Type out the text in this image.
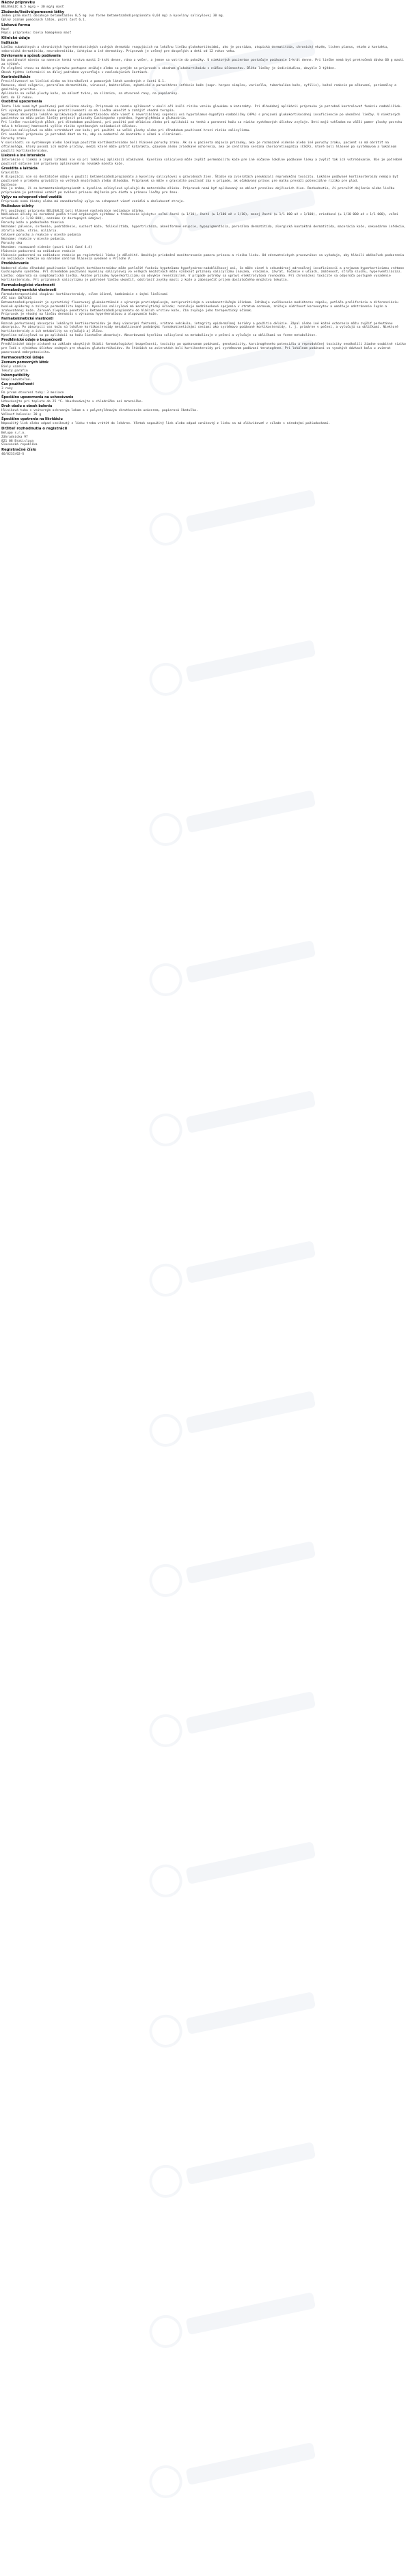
Názov prípravku
BELOSALIC 0,5 mg/g + 30 mg/g masť
Zloženie/liečivá/pomocné látky
Jeden gram masti obsahuje betametazónu 0,5 mg (vo forme betametazóndipropionátu 0,64 mg) a kyseliny salicylovej 30 mg.
Úplný zoznam pomocných látok, pozri časť 6.1.
Lieková forma
Masť
Popis prípravku: biela homogénna masť
Klinické údaje
Indikácie
Liečba subakútnych a chronických hyperkeratotických suchých dermatóz reagujúcich na lokálnu liečbu glukokortikoidmi, ako je psoriáza, atopická dermatitída, chronický ekzém, lichen planus, ekzém z kontaktu, seboroická dermatitída, neurodermitída, ichtyóza a iné dermatózy. Prípravok je určený pre dospelých a deti od 12 rokov veku.
Dávkovanie a spôsob podávania
Na postihnuté miesto sa nanesie tenká vrstva masti 2-krát denne, ráno a večer, a jemne sa votrie do pokožky. U niektorých pacientov postačuje podávanie 1-krát denne. Pri liečbe nemá byť prekročená dávka 60 g masti za týždeň.
Po zlepšení stavu sa dávka prípravku postupne znižuje alebo sa prejde na prípravok s obsahom glukokortikoidu s nižšou účinnosťou. Dĺžka liečby je individuálna, obvykle 3 týždne.
Obsah týchto informácií sa ďalej podrobne vysvetľuje v nasledujúcich častiach.
Kontraindikácie
Precitlivenosť na liečivá alebo na ktorúkoľvek z pomocných látok uvedených v časti 6.1.
Rozacea, akné vulgaris, perorálna dermatitída, vírusové, bakteriálne, mykotické a parazitárne infekcie kože (napr. herpes simplex, varicella, tuberkulóza kože, syfilis), kožné reakcie po očkovaní, perianálny a genitálny pruritus.
Aplikácia na veľké plochy kože, na oblasť tváre, na sliznice, na otvorené rany, na popáleniny.
Deti do 12 rokov.
Osobitné upozornenia
Tento liek nemá byť používaný pod oklúzne obväzy. Prípravok sa nesmie aplikovať v okolí očí kvôli riziku vzniku glaukómu a katarakty. Pri dlhodobej aplikácii prípravku je potrebné kontrolovať funkciu nadobličiek. Pri výskyte podráždenia alebo precitlivenosti sa má liečba ukončiť a zahájiť vhodná terapia.
Systémová absorpcia lokálne aplikovaných glukokortikoidov môže viesť k reverzibilnej supresii osi hypotalamus-hypofýza-nadobličky (HPA) s prejavmi glukokortikoidnej insuficiencie po ukončení liečby. U niektorých pacientov sa môžu počas liečby prejaviť príznaky Cushingovho syndrómu, hyperglykémia a glukozúria.
Pri liečbe rozsiahlych plôch, pri dlhodobom používaní, pri použití pod oklúziou alebo pri aplikácii na tenkú a poranenú kožu sa riziko systémových účinkov zvyšuje. Deti majú vzhľadom na väčší pomer plochy povrchu tela k telesnej hmotnosti vyššie riziko systémových nežiaducich účinkov.
Kyselina salicylová sa môže vstrebávať cez kožu; pri použití na veľké plochy alebo pri dlhodobom používaní hrozí riziko salicylizmu.
Pri nanášaní prípravku je potrebné dbať na to, aby sa nedostal do kontaktu s očami a sliznicami.
Poruchy zraku
V súvislosti so systémovým alebo lokálnym použitím kortikosteroidov boli hlásené poruchy zraku. Ak sa u pacienta objavia príznaky, ako je rozmazané videnie alebo iné poruchy zraku, pacient sa má obrátiť na oftalmológa, ktorý posúdi ich možné príčiny, medzi ktoré môže patriť katarakta, glaukóm alebo zriedkavé ochorenia, ako je centrálna serózna chorioretinopatia (CSCR), ktoré boli hlásené po systémovom a lokálnom použití kortikosteroidov.
Liekové a iné interakcie
Interakcie s liekmi a inými látkami nie sú pri lokálnej aplikácii očakávané. Kyselina salicylová môže zvýšiť permeabilitu kože pre iné súčasne lokálne podávané lieky a zvýšiť tak ich vstrebávanie. Nie je potrebné používať súčasne iné prípravky aplikované na rovnaké miesto kože.
Gravidita a laktácia
Gravidita
K dispozícii nie sú dostatočné údaje o použití betametazóndipropionátu a kyseliny salicylovej u gravidných žien. Štúdie na zvieratách preukázali reprodukčnú toxicitu. Lokálne podávané kortikosteroidy nemajú byť používané v priebehu gravidity vo veľkých množstvách alebo dlhodobo. Prípravok sa môže v gravidite používať iba v prípade, ak očakávaný prínos pre matku preváži potenciálne riziko pre plod.
Dojčenie
Nie je známe, či sa betametazóndipropionát a kyselina salicylová vylučujú do materského mlieka. Prípravok nemá byť aplikovaný na oblasť prsníkov dojčiacich žien. Rozhodnutie, či prerušiť dojčenie alebo liečbu prípravkom je potrebné urobiť po zvážení prínosu dojčenia pre dieťa a prínosu liečby pre ženu.
Vplyv na schopnosť viesť vozidlá
Prípravok nemá žiadny alebo má zanedbateľný vplyv na schopnosť viesť vozidlá a obsluhovať stroje.
Nežiaduce účinky
Pri používaní prípravku BELOSALIC boli hlásené nasledujúce nežiaduce účinky.
Nežiaduce účinky sú zoradené podľa tried orgánových systémov a frekvencie výskytu: veľmi časté (≥ 1/10), časté (≥ 1/100 až < 1/10), menej časté (≥ 1/1 000 až < 1/100), zriedkavé (≥ 1/10 000 až < 1/1 000), veľmi zriedkavé (< 1/10 000), neznáme (z dostupných údajov).
Poruchy kože a podkožného tkaniva
Neznáme: pálenie, svrbenie, podráždenie, suchosť kože, folikulitída, hypertrichóza, akneiformné erupcie, hypopigmentácia, perorálna dermatitída, alergická kontaktná dermatitída, macerácia kože, sekundárne infekcie, atrofia kože, strie, miliária.
Celkové poruchy a reakcie v mieste podania
Neznáme: reakcie v mieste podania.
Poruchy oka
Neznáme: rozmazané videnie (pozri tiež časť 4.4)
Hlásenie podozrení na nežiaduce reakcie
Hlásenie podozrení na nežiaduce reakcie po registrácii lieku je dôležité. Umožňuje priebežné monitorovanie pomeru prínosu a rizika lieku. Od zdravotníckych pracovníkov sa vyžaduje, aby hlásili akékoľvek podozrenia na nežiaduce reakcie na národné centrum hlásenia uvedené v Prílohe V.
Predávkovanie
Nadmerné alebo dlhodobé používanie lokálnych kortikosteroidov môže potlačiť funkciu hypotalamo-hypofyzárno-nadobličkovej osi, čo môže viesť k sekundárnej adrenálnej insuficiencii a prejavom hyperkorticizmu vrátane Cushingovho syndrómu. Pri dlhodobom používaní kyseliny salicylovej vo veľkých množstvách môžu vzniknúť príznaky salicylizmu (nauzea, vracanie, závrat, hučanie v ušiach, zmätenosť, strata sluchu, hyperventilácia).
Liečba: odporúča sa symptomatická liečba. Akútne príznaky hyperkorticizmu sú obvykle reverzibilné. V prípade potreby sa upraví elektrolytová rovnováha. Pri chronickej toxicite sa odporúča postupné vysadenie kortikosteroidu. Pri príznakoch salicylizmu je potrebné liečbu ukončiť, odstrániť zvyšky masti z kože a zabezpečiť príjem dostatočného množstva tekutín.
Farmakologické vlastnosti
Farmakodynamické vlastnosti
Farmakoterapeutická skupina: kortikosteroidy, silne účinné, kombinácie s inými liečivami
ATC kód: D07XC01
Betametazóndipropionát je syntetický fluorovaný glukokortikoid s výrazným protizápalovým, antipruritickým a vazokonstrikčným účinkom. Inhibuje uvoľňovanie mediátorov zápalu, potláča proliferáciu a diferenciáciu buniek epidermy a znižuje permeabilitu kapilár. Kyselina salicylová má keratolytický účinok; rozrušuje medzibunkové spojenia v stratum corneum, znižuje súdržnosť korneocytov a umožňuje odstránenie šupín a zrohovatenej kože. Zároveň zlepšuje penetráciu betametazóndipropionátu do hlbších vrstiev kože, čím zvyšuje jeho terapeutický účinok.
Prípravok je vhodný na liečbu dermatóz s výraznou hyperkeratózou a olupovaním kože.
Farmakokinetické vlastnosti
Rozsah perkutánnej absorpcie lokálnych kortikosteroidov je daný viacerými faktormi, vrátane vehikula, integrity epidermálnej bariéry a použitia oklúzie. Zápal alebo iné kožné ochorenia môžu zvýšiť perkutánnu absorpciu. Po absorpcii cez kožu sú lokálne kortikosteroidy metabolizované podobnými farmakokinetickými cestami ako systémovo podávané kortikosteroidy, t. j. primárne v pečeni, a vylučujú sa obličkami. Niektoré kortikosteroidy a ich metabolity sa vylučujú aj žlčou.
Kyselina salicylová sa po aplikácii na kožu čiastočne absorbuje. Absorbovaná kyselina salicylová sa metabolizuje v pečeni a vylučuje sa obličkami vo forme metabolitov.
Predklinické údaje o bezpečnosti
Predklinické údaje získané na základe obvyklých štúdií farmakologickej bezpečnosti, toxicity po opakovanom podávaní, genotoxicity, karcinogénneho potenciálu a reprodukčnej toxicity neodhalili žiadne osobitné riziko pre ľudí s výnimkou účinkov známych pre skupinu glukokortikoidov. Vo štúdiách na zvieratách boli kortikosteroidy pri systémovom podávaní teratogénne. Pri lokálnom podávaní vo vysokých dávkach bola u zvierat pozorovaná embryotoxicita.
Farmaceutické údaje
Zoznam pomocných látok
Biely vazelín
Tekutý parafín
Inkompatibility
Neaplikovateľné.
Čas použiteľnosti
3 roky
Po prvom otvorení tuby: 3 mesiace
Špeciálne upozornenia na uchovávanie
Uchovávajte pri teplote do 25 °C. Neuchovávajte v chladničke ani mrazničke.
Druh obalu a obsah balenia
Hliníková tuba s vnútorným ochranným lakom a s polyetylénovým skrutkovacím uzáverom, papierová škatuľka.
Veľkosť balenia: 30 g
Špeciálne opatrenia na likvidáciu
Nepoužitý liek alebo odpad vzniknutý z lieku treba vrátiť do lekárne. Všetok nepoužitý liek alebo odpad vzniknutý z lieku sa má zlikvidovať v súlade s národnými požiadavkami.
Držiteľ rozhodnutia o registrácii
Belupo s.r.o.
Záhradnícka 97
821 08 Bratislava
Slovenská republika
Registračné číslo
46/0233/02-S
